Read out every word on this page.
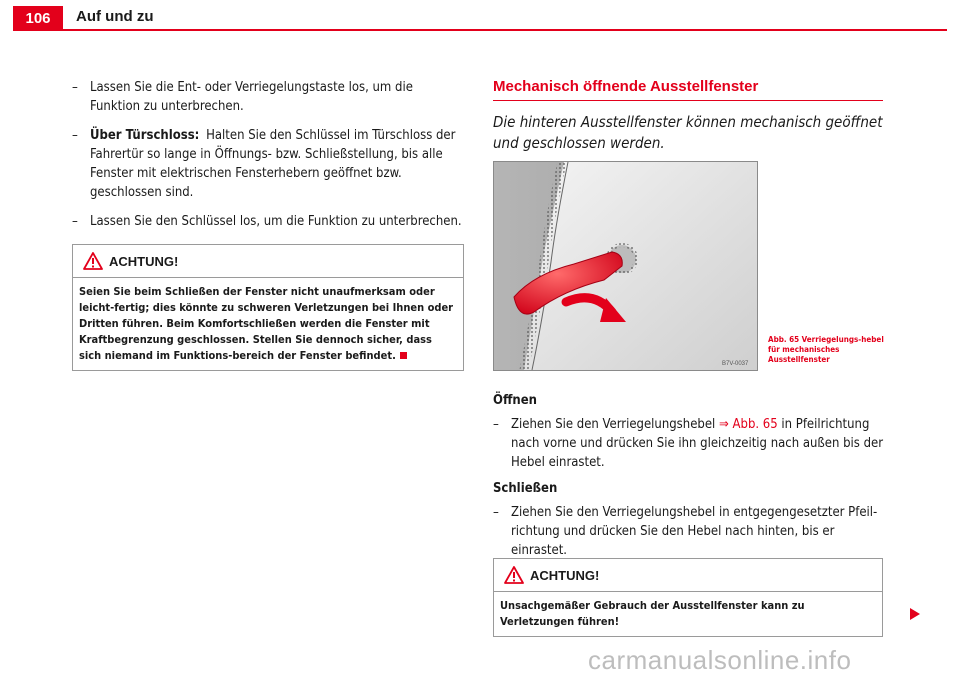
106	Auf und zu
– Lassen Sie die Ent- oder Verriegelungstaste los, um die Funktion zu unterbrechen.
– Über Türschloss: Halten Sie den Schlüssel im Türschloss der Fahrertür so lange in Öffnungs- bzw. Schließstellung, bis alle Fenster mit elektrischen Fensterhebern geöffnet bzw. geschlossen sind.
– Lassen Sie den Schlüssel los, um die Funktion zu unterbrechen.
ACHTUNG!
Seien Sie beim Schließen der Fenster nicht unaufmerksam oder leicht-fertig; dies könnte zu schweren Verletzungen bei Ihnen oder Dritten führen. Beim Komfortschließen werden die Fenster mit Kraftbegrenzung geschlossen. Stellen Sie dennoch sicher, dass sich niemand im Funktions-bereich der Fenster befindet.
Mechanisch öffnende Ausstellfenster
Die hinteren Ausstellfenster können mechanisch geöffnet und geschlossen werden.
B7V-0037
Abb. 65 Verriegelungs-hebel für mechanisches Ausstellfenster
Öffnen
– Ziehen Sie den Verriegelungshebel ⇒ Abb. 65 in Pfeilrichtung nach vorne und drücken Sie ihn gleichzeitig nach außen bis der Hebel einrastet.
Schließen
– Ziehen Sie den Verriegelungshebel in entgegengesetzter Pfeil-richtung und drücken Sie den Hebel nach hinten, bis er einrastet.
ACHTUNG!
Unsachgemäßer Gebrauch der Ausstellfenster kann zu Verletzungen führen!
carmanualsonline.info
